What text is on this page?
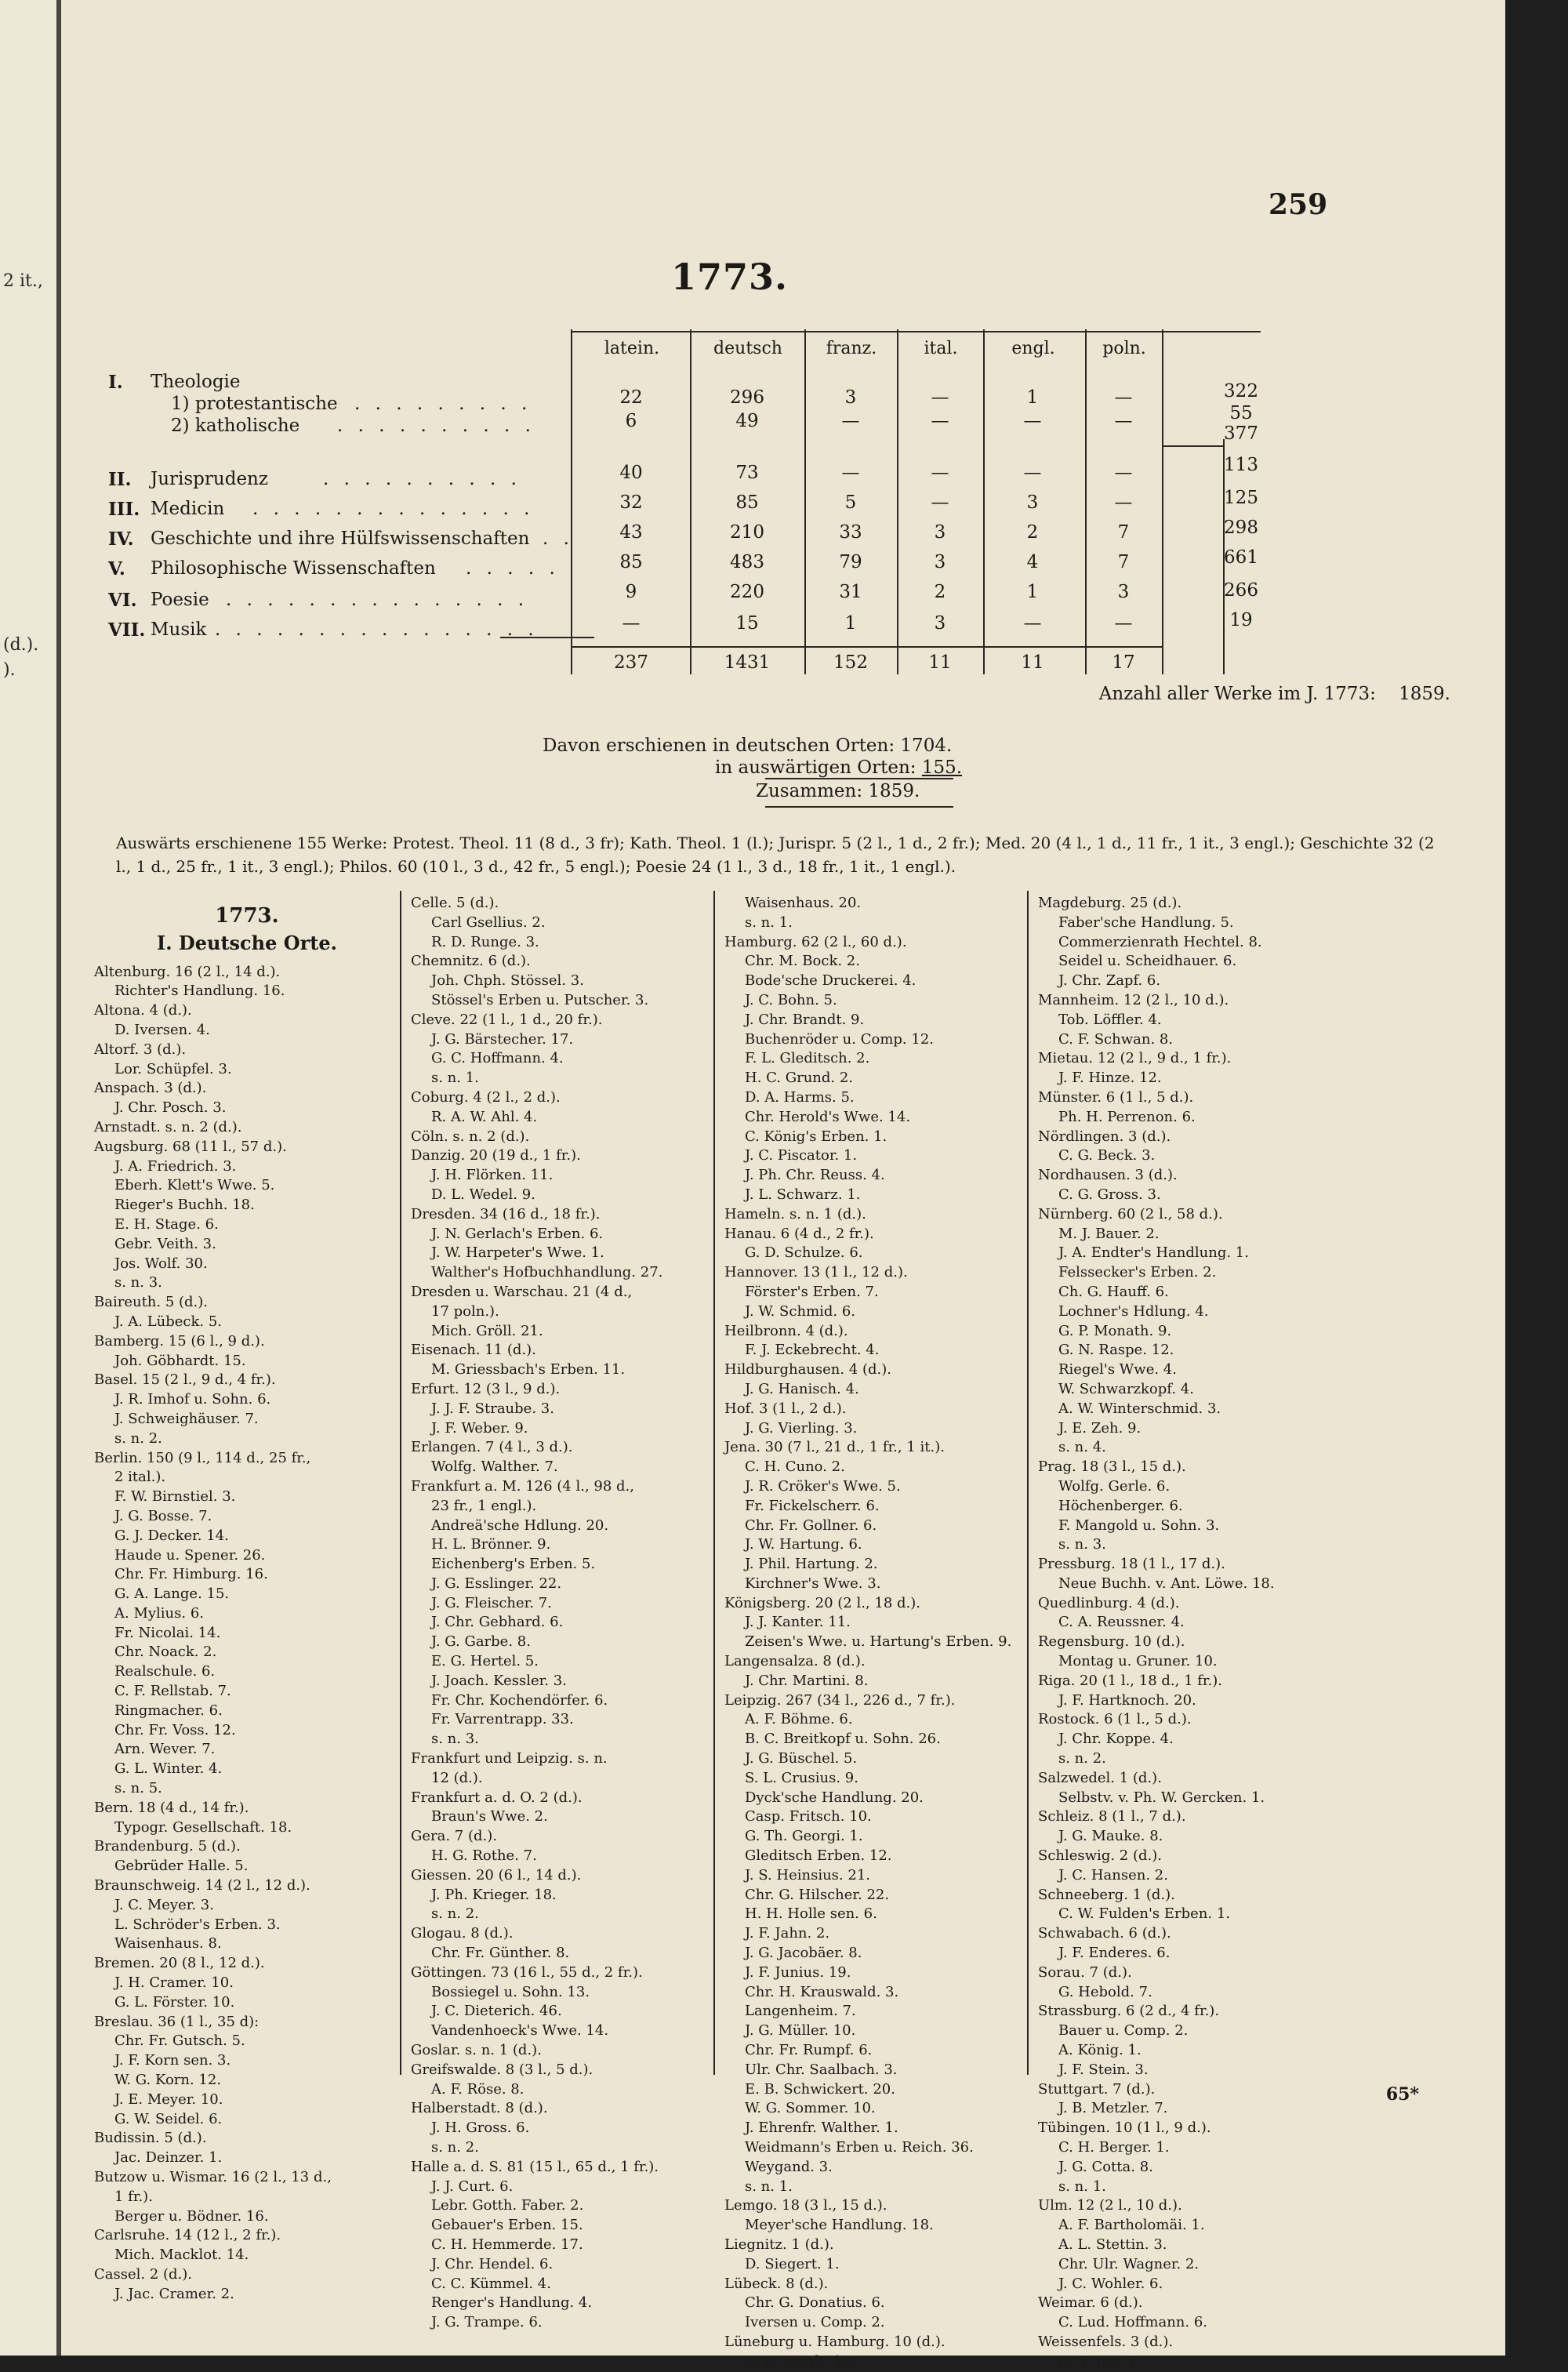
2 it.,
(d.).
).
259
1773.
latein.	deutsch	franz.	ital.	engl.	poln.
I. Theologie
1) protestantische . . . . . . . . .	22	296	3	—	1	—	322
2) katholische . . . . . . . . . .	6	49	—	—	—	—	55
377
II. Jurisprudenz	. . . . . . . . . .	40	73	—	—	—	—	113
III. Medicin . . . . . . . . . . . . . .	32	85	5	—	3	—	125
IV. Geschichte und ihre Hülfswissenschaften . .	43	210	33	3	2	7	298
V. Philosophische Wissenschaften . . . . .	85	483	79	3	4	7	661
VI. Poesie . . . . . . . . . . . . . . .	9	220	31	2	1	3	266
VII. Musik . . . . . . . . . . . . . . . .	—	15	1	3	—	—	19
237	1431	152	11	11	17
Anzahl aller Werke im J. 1773: 1859.
Davon erschienen in deutschen Orten: 1704.
in auswärtigen Orten: 155.
Zusammen: 1859.
Auswärts erschienene 155 Werke: Protest. Theol. 11 (8 d., 3 fr); Kath. Theol. 1 (l.); Jurispr. 5 (2 l., 1 d., 2 fr.); Med. 20 (4 l., 1 d., 11 fr., 1 it., 3 engl.); Geschichte 32 (2 l., 1 d., 25 fr., 1 it., 3 engl.); Philos. 60 (10 l., 3 d., 42 fr., 5 engl.); Poesie 24 (1 l., 3 d., 18 fr., 1 it., 1 engl.).
1773.
I. Deutsche Orte.
Altenburg. 16 (2 l., 14 d.).
Richter's Handlung. 16.
Altona. 4 (d.).
D. Iversen. 4.
Altorf. 3 (d.).
Lor. Schüpfel. 3.
Anspach. 3 (d.).
J. Chr. Posch. 3.
Arnstadt. s. n. 2 (d.).
Augsburg. 68 (11 l., 57 d.).
J. A. Friedrich. 3.
Eberh. Klett's Wwe. 5.
Rieger's Buchh. 18.
E. H. Stage. 6.
Gebr. Veith. 3.
Jos. Wolf. 30.
s. n. 3.
Baireuth. 5 (d.).
J. A. Lübeck. 5.
Bamberg. 15 (6 l., 9 d.).
Joh. Göbhardt. 15.
Basel. 15 (2 l., 9 d., 4 fr.).
J. R. Imhof u. Sohn. 6.
J. Schweighäuser. 7.
s. n. 2.
Berlin. 150 (9 l., 114 d., 25 fr.,
2 ital.).
F. W. Birnstiel. 3.
J. G. Bosse. 7.
G. J. Decker. 14.
Haude u. Spener. 26.
Chr. Fr. Himburg. 16.
G. A. Lange. 15.
A. Mylius. 6.
Fr. Nicolai. 14.
Chr. Noack. 2.
Realschule. 6.
C. F. Rellstab. 7.
Ringmacher. 6.
Chr. Fr. Voss. 12.
Arn. Wever. 7.
G. L. Winter. 4.
s. n. 5.
Bern. 18 (4 d., 14 fr.).
Typogr. Gesellschaft. 18.
Brandenburg. 5 (d.).
Gebrüder Halle. 5.
Braunschweig. 14 (2 l., 12 d.).
J. C. Meyer. 3.
L. Schröder's Erben. 3.
Waisenhaus. 8.
Bremen. 20 (8 l., 12 d.).
J. H. Cramer. 10.
G. L. Förster. 10.
Breslau. 36 (1 l., 35 d):
Chr. Fr. Gutsch. 5.
J. F. Korn sen. 3.
W. G. Korn. 12.
J. E. Meyer. 10.
G. W. Seidel. 6.
Budissin. 5 (d.).
Jac. Deinzer. 1.
Butzow u. Wismar. 16 (2 l., 13 d.,
1 fr.).
Berger u. Bödner. 16.
Carlsruhe. 14 (12 l., 2 fr.).
Mich. Macklot. 14.
Cassel. 2 (d.).
J. Jac. Cramer. 2.
Celle. 5 (d.).
Carl Gsellius. 2.
R. D. Runge. 3.
Chemnitz. 6 (d.).
Joh. Chph. Stössel. 3.
Stössel's Erben u. Putscher. 3.
Cleve. 22 (1 l., 1 d., 20 fr.).
J. G. Bärstecher. 17.
G. C. Hoffmann. 4.
s. n. 1.
Coburg. 4 (2 l., 2 d.).
R. A. W. Ahl. 4.
Cöln. s. n. 2 (d.).
Danzig. 20 (19 d., 1 fr.).
J. H. Flörken. 11.
D. L. Wedel. 9.
Dresden. 34 (16 d., 18 fr.).
J. N. Gerlach's Erben. 6.
J. W. Harpeter's Wwe. 1.
Walther's Hofbuchhandlung. 27.
Dresden u. Warschau. 21 (4 d.,
17 poln.).
Mich. Gröll. 21.
Eisenach. 11 (d.).
M. Griessbach's Erben. 11.
Erfurt. 12 (3 l., 9 d.).
J. J. F. Straube. 3.
J. F. Weber. 9.
Erlangen. 7 (4 l., 3 d.).
Wolfg. Walther. 7.
Frankfurt a. M. 126 (4 l., 98 d.,
23 fr., 1 engl.).
Andreä'sche Hdlung. 20.
H. L. Brönner. 9.
Eichenberg's Erben. 5.
J. G. Esslinger. 22.
J. G. Fleischer. 7.
J. Chr. Gebhard. 6.
J. G. Garbe. 8.
E. G. Hertel. 5.
J. Joach. Kessler. 3.
Fr. Chr. Kochendörfer. 6.
Fr. Varrentrapp. 33.
s. n. 3.
Frankfurt und Leipzig. s. n.
12 (d.).
Frankfurt a. d. O. 2 (d.).
Braun's Wwe. 2.
Gera. 7 (d.).
H. G. Rothe. 7.
Giessen. 20 (6 l., 14 d.).
J. Ph. Krieger. 18.
s. n. 2.
Glogau. 8 (d.).
Chr. Fr. Günther. 8.
Göttingen. 73 (16 l., 55 d., 2 fr.).
Bossiegel u. Sohn. 13.
J. C. Dieterich. 46.
Vandenhoeck's Wwe. 14.
Goslar. s. n. 1 (d.).
Greifswalde. 8 (3 l., 5 d.).
A. F. Röse. 8.
Halberstadt. 8 (d.).
J. H. Gross. 6.
s. n. 2.
Halle a. d. S. 81 (15 l., 65 d., 1 fr.).
J. J. Curt. 6.
Lebr. Gotth. Faber. 2.
Gebauer's Erben. 15.
C. H. Hemmerde. 17.
J. Chr. Hendel. 6.
C. C. Kümmel. 4.
Renger's Handlung. 4.
J. G. Trampe. 6.
Waisenhaus. 20.
s. n. 1.
Hamburg. 62 (2 l., 60 d.).
Chr. M. Bock. 2.
Bode'sche Druckerei. 4.
J. C. Bohn. 5.
J. Chr. Brandt. 9.
Buchenröder u. Comp. 12.
F. L. Gleditsch. 2.
H. C. Grund. 2.
D. A. Harms. 5.
Chr. Herold's Wwe. 14.
C. König's Erben. 1.
J. C. Piscator. 1.
J. Ph. Chr. Reuss. 4.
J. L. Schwarz. 1.
Hameln. s. n. 1 (d.).
Hanau. 6 (4 d., 2 fr.).
G. D. Schulze. 6.
Hannover. 13 (1 l., 12 d.).
Förster's Erben. 7.
J. W. Schmid. 6.
Heilbronn. 4 (d.).
F. J. Eckebrecht. 4.
Hildburghausen. 4 (d.).
J. G. Hanisch. 4.
Hof. 3 (1 l., 2 d.).
J. G. Vierling. 3.
Jena. 30 (7 l., 21 d., 1 fr., 1 it.).
C. H. Cuno. 2.
J. R. Cröker's Wwe. 5.
Fr. Fickelscherr. 6.
Chr. Fr. Gollner. 6.
J. W. Hartung. 6.
J. Phil. Hartung. 2.
Kirchner's Wwe. 3.
Königsberg. 20 (2 l., 18 d.).
J. J. Kanter. 11.
Zeisen's Wwe. u. Hartung's Erben. 9.
Langensalza. 8 (d.).
J. Chr. Martini. 8.
Leipzig. 267 (34 l., 226 d., 7 fr.).
A. F. Böhme. 6.
B. C. Breitkopf u. Sohn. 26.
J. G. Büschel. 5.
S. L. Crusius. 9.
Dyck'sche Handlung. 20.
Casp. Fritsch. 10.
G. Th. Georgi. 1.
Gleditsch Erben. 12.
J. S. Heinsius. 21.
Chr. G. Hilscher. 22.
H. H. Holle sen. 6.
J. F. Jahn. 2.
J. G. Jacobäer. 8.
J. F. Junius. 19.
Chr. H. Krauswald. 3.
Langenheim. 7.
J. G. Müller. 10.
Chr. Fr. Rumpf. 6.
Ulr. Chr. Saalbach. 3.
E. B. Schwickert. 20.
W. G. Sommer. 10.
J. Ehrenfr. Walther. 1.
Weidmann's Erben u. Reich. 36.
Weygand. 3.
s. n. 1.
Lemgo. 18 (3 l., 15 d.).
Meyer'sche Handlung. 18.
Liegnitz. 1 (d.).
D. Siegert. 1.
Lübeck. 8 (d.).
Chr. G. Donatius. 6.
Iversen u. Comp. 2.
Lüneburg u. Hamburg. 10 (d.).
G. C. Berth. 10.
Magdeburg. 25 (d.).
Faber'sche Handlung. 5.
Commerzienrath Hechtel. 8.
Seidel u. Scheidhauer. 6.
J. Chr. Zapf. 6.
Mannheim. 12 (2 l., 10 d.).
Tob. Löffler. 4.
C. F. Schwan. 8.
Mietau. 12 (2 l., 9 d., 1 fr.).
J. F. Hinze. 12.
Münster. 6 (1 l., 5 d.).
Ph. H. Perrenon. 6.
Nördlingen. 3 (d.).
C. G. Beck. 3.
Nordhausen. 3 (d.).
C. G. Gross. 3.
Nürnberg. 60 (2 l., 58 d.).
M. J. Bauer. 2.
J. A. Endter's Handlung. 1.
Felssecker's Erben. 2.
Ch. G. Hauff. 6.
Lochner's Hdlung. 4.
G. P. Monath. 9.
G. N. Raspe. 12.
Riegel's Wwe. 4.
W. Schwarzkopf. 4.
A. W. Winterschmid. 3.
J. E. Zeh. 9.
s. n. 4.
Prag. 18 (3 l., 15 d.).
Wolfg. Gerle. 6.
Höchenberger. 6.
F. Mangold u. Sohn. 3.
s. n. 3.
Pressburg. 18 (1 l., 17 d.).
Neue Buchh. v. Ant. Löwe. 18.
Quedlinburg. 4 (d.).
C. A. Reussner. 4.
Regensburg. 10 (d.).
Montag u. Gruner. 10.
Riga. 20 (1 l., 18 d., 1 fr.).
J. F. Hartknoch. 20.
Rostock. 6 (1 l., 5 d.).
J. Chr. Koppe. 4.
s. n. 2.
Salzwedel. 1 (d.).
Selbstv. v. Ph. W. Gercken. 1.
Schleiz. 8 (1 l., 7 d.).
J. G. Mauke. 8.
Schleswig. 2 (d.).
J. C. Hansen. 2.
Schneeberg. 1 (d.).
C. W. Fulden's Erben. 1.
Schwabach. 6 (d.).
J. F. Enderes. 6.
Sorau. 7 (d.).
G. Hebold. 7.
Strassburg. 6 (2 d., 4 fr.).
Bauer u. Comp. 2.
A. König. 1.
J. F. Stein. 3.
Stuttgart. 7 (d.).
J. B. Metzler. 7.
Tübingen. 10 (1 l., 9 d.).
C. H. Berger. 1.
J. G. Cotta. 8.
s. n. 1.
Ulm. 12 (2 l., 10 d.).
A. F. Bartholomäi. 1.
A. L. Stettin. 3.
Chr. Ulr. Wagner. 2.
J. C. Wohler. 6.
Weimar. 6 (d.).
C. Lud. Hoffmann. 6.
Weissenfels. 3 (d.).
C. S. Ise. 3.
65*
